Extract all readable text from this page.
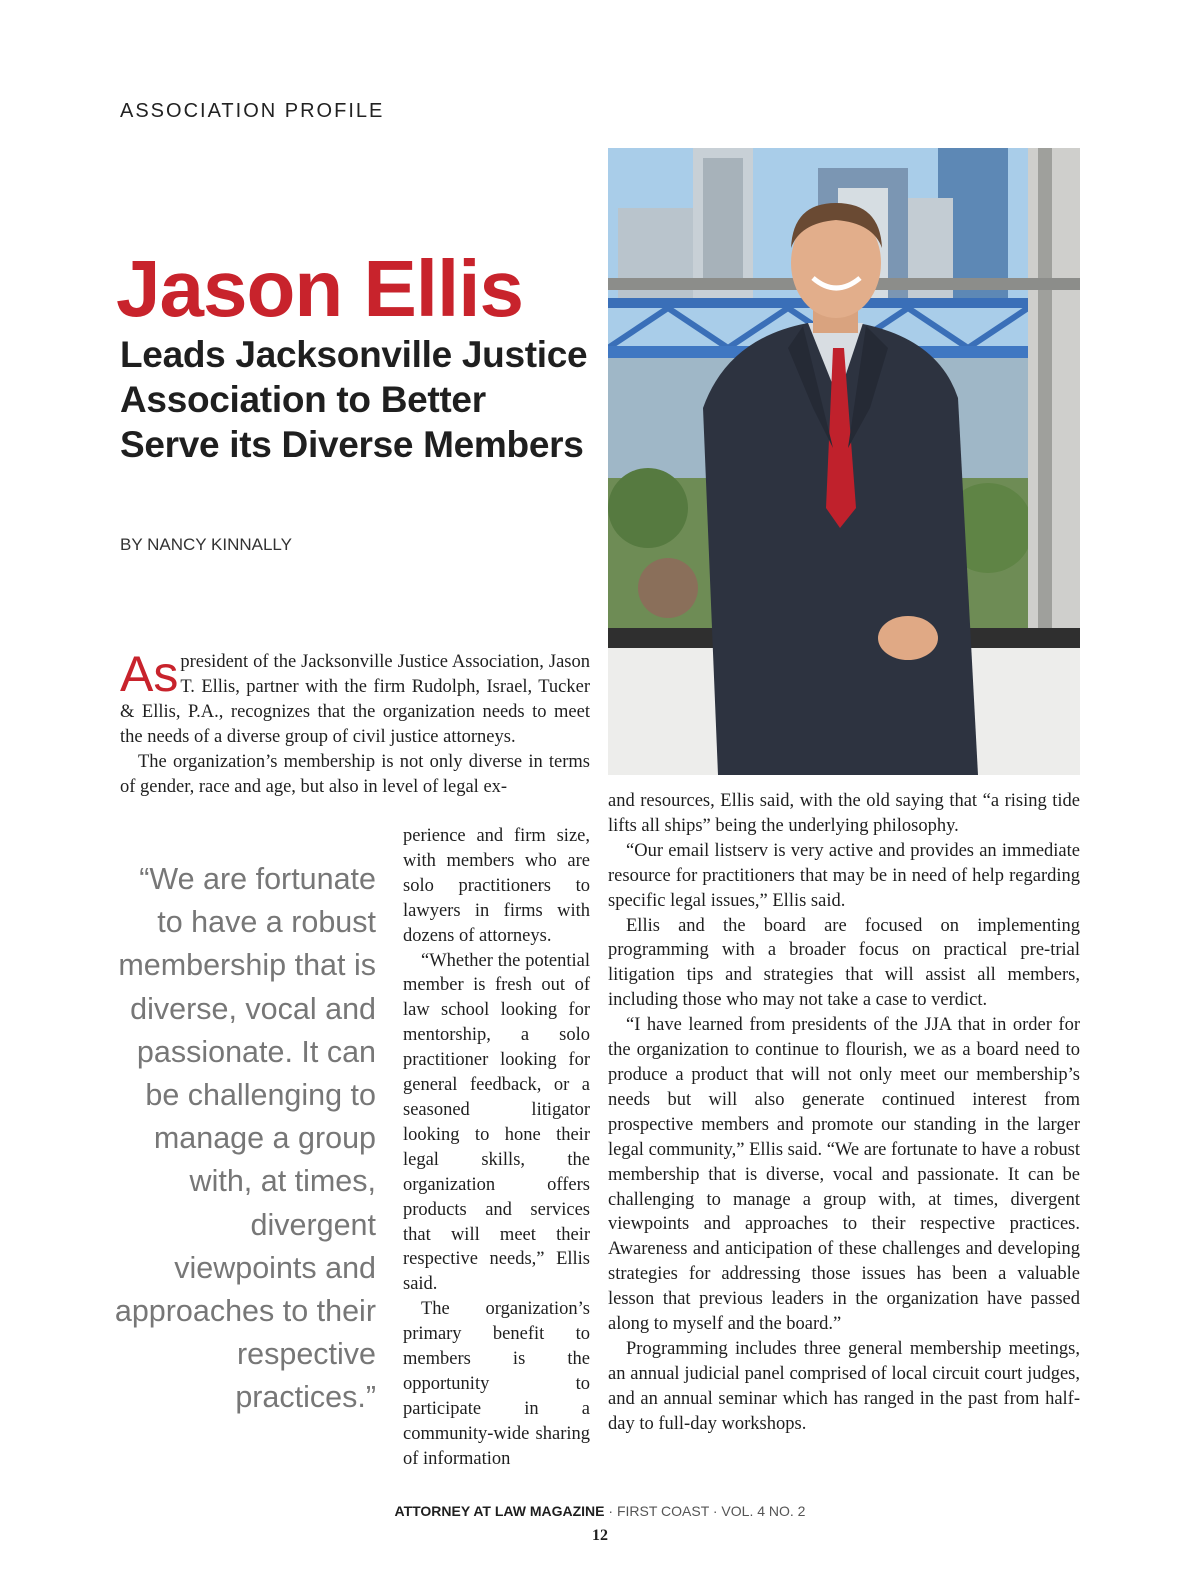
ASSOCIATION PROFILE
Jason Ellis
Leads Jacksonville Justice Association to Better Serve its Diverse Members
BY NANCY KINNALLY

As president of the Jacksonville Justice Association, Jason T. Ellis, partner with the firm Rudolph, Israel, Tucker & Ellis, P.A., recognizes that the organization needs to meet the needs of a diverse group of civil justice attorneys.

The organization’s membership is not only diverse in terms of gender, race and age, but also in level of legal ex-

“We are fortunate to have a robust membership that is diverse, vocal and passionate. It can be challenging to manage a group with, at times, divergent viewpoints and approaches to their respective practices.”

perience and firm size, with members who are solo practitioners to lawyers in firms with dozens of attorneys.

“Whether the potential member is fresh out of law school looking for mentorship, a solo practitioner looking for general feedback, or a seasoned litigator looking to hone their legal skills, the organization offers products and services that will meet their respective needs,” Ellis said.

The organization’s primary benefit to members is the opportunity to participate in a community-wide sharing of information

and resources, Ellis said, with the old saying that “a rising tide lifts all ships” being the underlying philosophy.

“Our email listserv is very active and provides an immediate resource for practitioners that may be in need of help regarding specific legal issues,” Ellis said.

Ellis and the board are focused on implementing programming with a broader focus on practical pre-trial litigation tips and strategies that will assist all members, including those who may not take a case to verdict.

“I have learned from presidents of the JJA that in order for the organization to continue to flourish, we as a board need to produce a product that will not only meet our membership’s needs but will also generate continued interest from prospective members and promote our standing in the larger legal community,” Ellis said. “We are fortunate to have a robust membership that is diverse, vocal and passionate. It can be challenging to manage a group with, at times, divergent viewpoints and approaches to their respective practices. Awareness and anticipation of these challenges and developing strategies for addressing those issues has been a valuable lesson that previous leaders in the organization have passed along to myself and the board.”

Programming includes three general membership meetings, an annual judicial panel comprised of local circuit court judges, and an annual seminar which has ranged in the past from half-day to full-day workshops.

ATTORNEY AT LAW MAGAZINE · FIRST COAST · VOL. 4 NO. 2
12
